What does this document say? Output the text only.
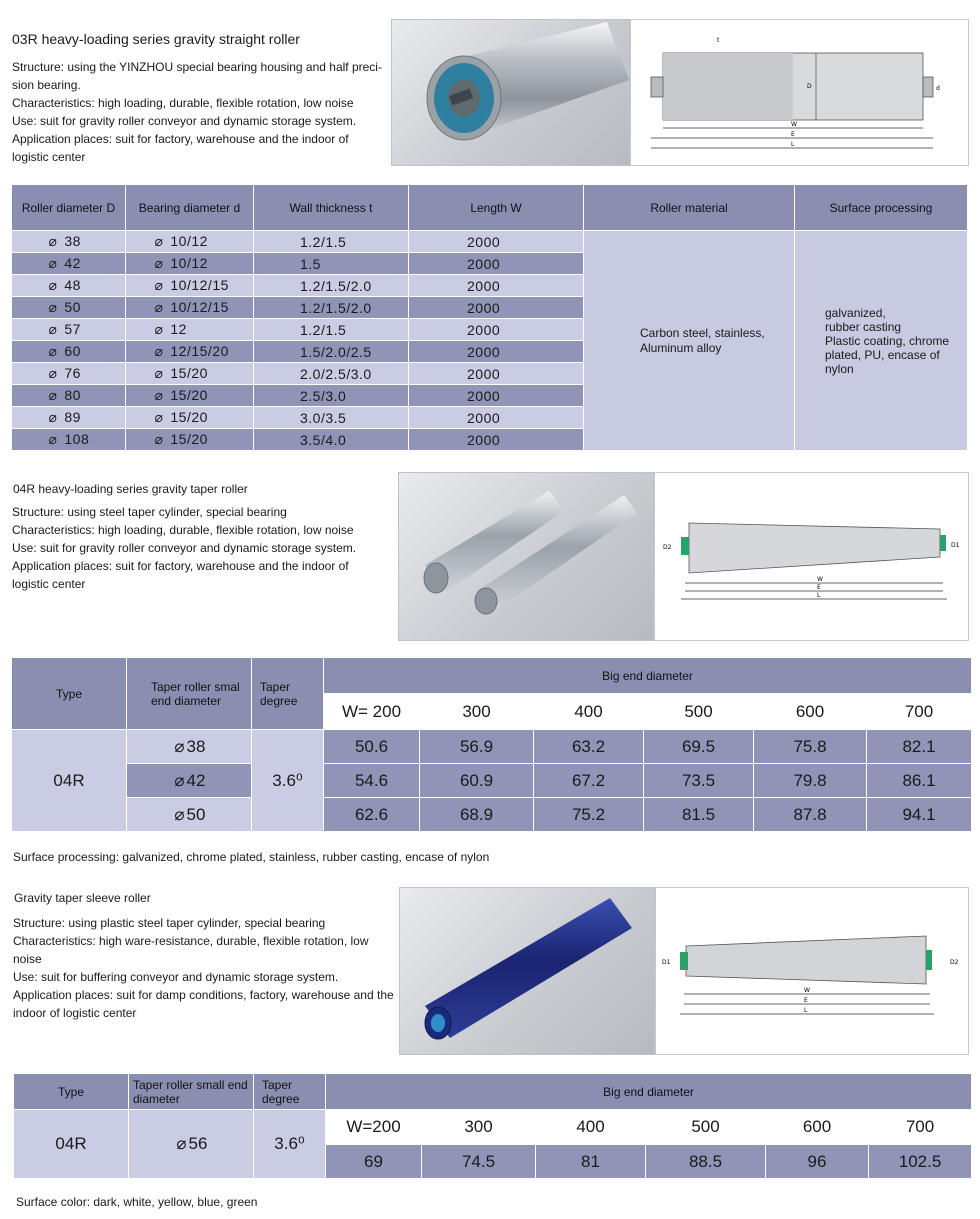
03R heavy-loading series gravity straight roller
Structure: using the YINZHOU special bearing housing and half preci-
sion bearing.
Characteristics: high loading, durable, flexible rotation, low noise
Use: suit for gravity roller conveyor and dynamic storage system.
Application places: suit for factory, warehouse and the indoor of
logistic center
W
E
L
D	d
t
Roller diameter D	Bearing diameter d	Wall thickness t	Length W	Roller material	Surface processing
⌀ 38	⌀ 10/12	1.2/1.5	2000	Carbon steel, stainless, Aluminum alloy	galvanized,
rubber casting
Plastic coating, chrome
plated, PU, encase of
nylon

⌀ 42	⌀ 10/12	1.5	2000		
⌀ 48	⌀ 10/12/15	1.2/1.5/2.0	2000		
⌀ 50	⌀ 10/12/15	1.2/1.5/2.0	2000		
⌀ 57	⌀ 12	1.2/1.5	2000		
⌀ 60	⌀ 12/15/20	1.5/2.0/2.5	2000		
⌀ 76	⌀ 15/20	2.0/2.5/3.0	2000		
⌀ 80	⌀ 15/20	2.5/3.0	2000		
⌀ 89	⌀ 15/20	3.0/3.5	2000		
⌀ 108	⌀ 15/20	3.5/4.0	2000		
04R heavy-loading series gravity taper roller
Structure: using steel taper cylinder, special bearing
Characteristics: high loading, durable, flexible rotation, low noise
Use: suit for gravity roller conveyor and dynamic storage system.
Application places: suit for factory, warehouse and the indoor of
logistic center	W
E
L
D2	D1
Type	Taper roller smal end diameter	Taper degree	Big end diameter					
			W= 200	300	400	500	600	700
04R	⌀ 38	3.6⁰	50.6	56.9	63.2	69.5	75.8	82.1
	⌀ 42		54.6	60.9	67.2	73.5	79.8	86.1
	⌀ 50		62.6	68.9	75.2	81.5	87.8	94.1
Surface processing: galvanized, chrome plated, stainless, rubber casting, encase of nylon
Gravity taper sleeve roller
Structure: using plastic steel taper cylinder, special bearing
Characteristics: high ware-resistance, durable, flexible rotation, low
noise
Use: suit for buffering conveyor and dynamic storage system.
Application places: suit for damp conditions, factory, warehouse and the
indoor of logistic center
W
E
L
D1	D2
Type	Taper roller small end diameter	Taper degree	Big end diameter					
04R	⌀ 56	3.6⁰	W=200	300	400	500	600	700
			69	74.5	81	88.5	96	102.5
Surface color: dark, white, yellow, blue, green
